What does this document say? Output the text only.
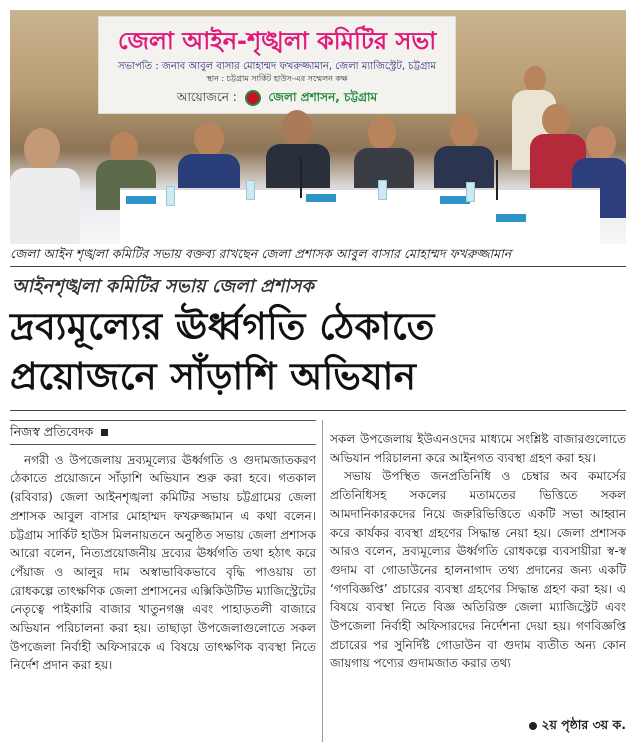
জেলা আইন-শৃঙ্খলা কমিটির সভা
সভাপতি : জনাব আবুল বাসার মোহাম্মদ ফখরুজ্জামান, জেলা ম্যাজিস্ট্রেট, চট্টগ্রাম
স্থান : চট্টগ্রাম সার্কিট হাউস-এর সম্মেলন কক্ষ
আয়োজনে :	জেলা প্রশাসন, চট্টগ্রাম
জেলা আইন শৃঙ্খলা কমিটির সভায় বক্তব্য রাখছেন জেলা প্রশাসক আবুল বাসার মোহাম্মদ ফখরুজ্জামান
আইনশৃঙ্খলা কমিটির সভায় জেলা প্রশাসক
দ্রব্যমূল্যের ঊর্ধ্বগতি ঠেকাতে
প্রয়োজনে সাঁড়াশি অভিযান
নিজস্ব প্রতিবেদক

নগরী ও উপজেলায় দ্রব্যমূল্যের ঊর্ধ্বগতি ও গুদামজাতকরণ ঠেকাতে প্রয়োজনে সাঁড়াশি অভিযান শুরু করা হবে। গতকাল (রবিবার) জেলা আইনশৃঙ্খলা কমিটির সভায় চট্টগ্রামের জেলা প্রশাসক আবুল বাসার মোহাম্মদ ফখরুজ্জামান এ কথা বলেন। চট্টগ্রাম সার্কিট হাউস মিলনায়তনে অনুষ্ঠিত সভায় জেলা প্রশাসক আরো বলেন, নিত্যপ্রয়োজনীয় দ্রব্যের ঊর্ধ্বগতি তথা হঠাৎ করে পেঁয়াজ ও আলুর দাম অস্বাভাবিকভাবে বৃদ্ধি পাওয়ায় তা রোধকল্পে তাৎক্ষণিক জেলা প্রশাসনের এক্সিকিউটিভ ম্যাজিস্ট্রেটের নেতৃত্বে পাইকারি বাজার খাতুনগঞ্জ এবং পাহাড়তলী বাজারে অভিযান পরিচালনা করা হয়। তাছাড়া উপজেলাগুলোতে সকল উপজেলা নির্বাহী অফিসারকে এ বিষয়ে তাৎক্ষণিক ব্যবস্থা নিতে নির্দেশ প্রদান করা হয়।

সকল উপজেলায় ইউএনওদের মাধ্যমে সংশ্লিষ্ট বাজারগুলোতে অভিযান পরিচালনা করে আইনগত ব্যবস্থা গ্রহণ করা হয়।

সভায় উপস্থিত জনপ্রতিনিধি ও চেম্বার অব কমার্সের প্রতিনিধিসহ সকলের মতামতের ভিত্তিতে সকল আমদানিকারকদের নিয়ে জরুরিভিত্তিতে একটি সভা আহ্বান করে কার্যকর ব্যবস্থা গ্রহণের সিদ্ধান্ত নেয়া হয়। জেলা প্রশাসক আরও বলেন, দ্রব্যমূল্যের ঊর্ধ্বগতি রোধকল্পে ব্যবসায়ীরা স্ব-স্ব গুদাম বা গোডাউনের হালনাগাদ তথ্য প্রদানের জন্য একটি ‘গণবিজ্ঞপ্তি’ প্রচারের ব্যবস্থা গ্রহণের সিদ্ধান্ত গ্রহণ করা হয়। এ বিষয়ে ব্যবস্থা নিতে বিজ্ঞ অতিরিক্ত জেলা ম্যাজিস্ট্রেট এবং উপজেলা নির্বাহী অফিসারদের নির্দেশনা দেয়া হয়। গণবিজ্ঞপ্তি প্রচারের পর সুনির্দিষ্ট গোডাউন বা গুদাম ব্যতীত অন্য কোন জায়গায় পণ্যের গুদামজাত করার তথ্য

২য় পৃষ্ঠার ৩য় ক.
